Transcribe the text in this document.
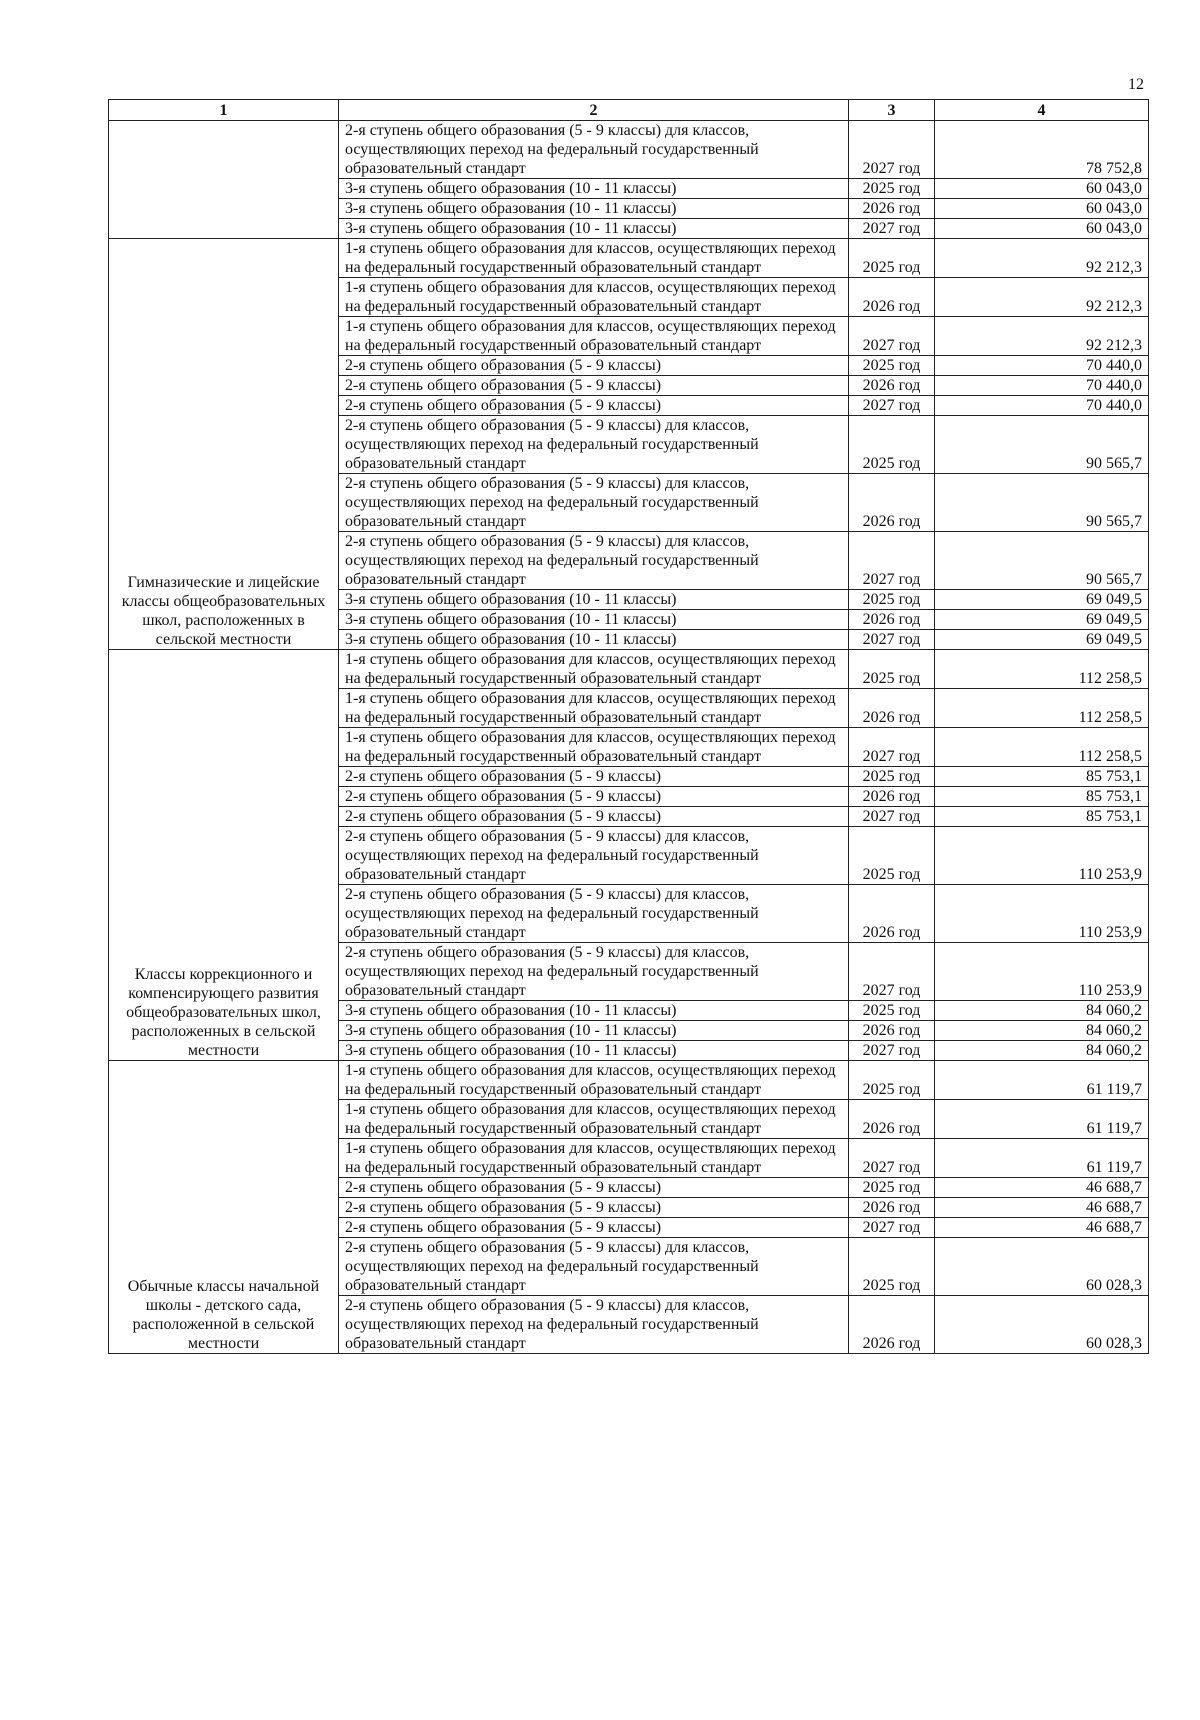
12
1	2	3	4
	2-я ступень общего образования (5 - 9 классы) для классов, осуществляющих переход на федеральный государственный образовательный стандарт	2027 год	78 752,8
	3-я ступень общего образования (10 - 11 классы)	2025 год	60 043,0
	3-я ступень общего образования (10 - 11 классы)	2026 год	60 043,0
	3-я ступень общего образования (10 - 11 классы)	2027 год	60 043,0
Гимназические и лицейские классы общеобразовательных школ, расположенных в сельской местности	1-я ступень общего образования для классов, осуществляющих переход на федеральный государственный образовательный стандарт	2025 год	92 212,3
	1-я ступень общего образования для классов, осуществляющих переход на федеральный государственный образовательный стандарт	2026 год	92 212,3
	1-я ступень общего образования для классов, осуществляющих переход на федеральный государственный образовательный стандарт	2027 год	92 212,3
	2-я ступень общего образования (5 - 9 классы)	2025 год	70 440,0
	2-я ступень общего образования (5 - 9 классы)	2026 год	70 440,0
	2-я ступень общего образования (5 - 9 классы)	2027 год	70 440,0
	2-я ступень общего образования (5 - 9 классы) для классов, осуществляющих переход на федеральный государственный образовательный стандарт	2025 год	90 565,7
	2-я ступень общего образования (5 - 9 классы) для классов, осуществляющих переход на федеральный государственный образовательный стандарт	2026 год	90 565,7
	2-я ступень общего образования (5 - 9 классы) для классов, осуществляющих переход на федеральный государственный образовательный стандарт	2027 год	90 565,7
	3-я ступень общего образования (10 - 11 классы)	2025 год	69 049,5
	3-я ступень общего образования (10 - 11 классы)	2026 год	69 049,5
	3-я ступень общего образования (10 - 11 классы)	2027 год	69 049,5
Классы коррекционного и компенсирующего развития общеобразовательных школ, расположенных в сельской местности	1-я ступень общего образования для классов, осуществляющих переход на федеральный государственный образовательный стандарт	2025 год	112 258,5
	1-я ступень общего образования для классов, осуществляющих переход на федеральный государственный образовательный стандарт	2026 год	112 258,5
	1-я ступень общего образования для классов, осуществляющих переход на федеральный государственный образовательный стандарт	2027 год	112 258,5
	2-я ступень общего образования (5 - 9 классы)	2025 год	85 753,1
	2-я ступень общего образования (5 - 9 классы)	2026 год	85 753,1
	2-я ступень общего образования (5 - 9 классы)	2027 год	85 753,1
	2-я ступень общего образования (5 - 9 классы) для классов, осуществляющих переход на федеральный государственный образовательный стандарт	2025 год	110 253,9
	2-я ступень общего образования (5 - 9 классы) для классов, осуществляющих переход на федеральный государственный образовательный стандарт	2026 год	110 253,9
	2-я ступень общего образования (5 - 9 классы) для классов, осуществляющих переход на федеральный государственный образовательный стандарт	2027 год	110 253,9
	3-я ступень общего образования (10 - 11 классы)	2025 год	84 060,2
	3-я ступень общего образования (10 - 11 классы)	2026 год	84 060,2
	3-я ступень общего образования (10 - 11 классы)	2027 год	84 060,2
Обычные классы начальной школы - детского сада, расположенной в сельской местности	1-я ступень общего образования для классов, осуществляющих переход на федеральный государственный образовательный стандарт	2025 год	61 119,7
	1-я ступень общего образования для классов, осуществляющих переход на федеральный государственный образовательный стандарт	2026 год	61 119,7
	1-я ступень общего образования для классов, осуществляющих переход на федеральный государственный образовательный стандарт	2027 год	61 119,7
	2-я ступень общего образования (5 - 9 классы)	2025 год	46 688,7
	2-я ступень общего образования (5 - 9 классы)	2026 год	46 688,7
	2-я ступень общего образования (5 - 9 классы)	2027 год	46 688,7
	2-я ступень общего образования (5 - 9 классы) для классов, осуществляющих переход на федеральный государственный образовательный стандарт	2025 год	60 028,3
	2-я ступень общего образования (5 - 9 классы) для классов, осуществляющих переход на федеральный государственный образовательный стандарт	2026 год	60 028,3
